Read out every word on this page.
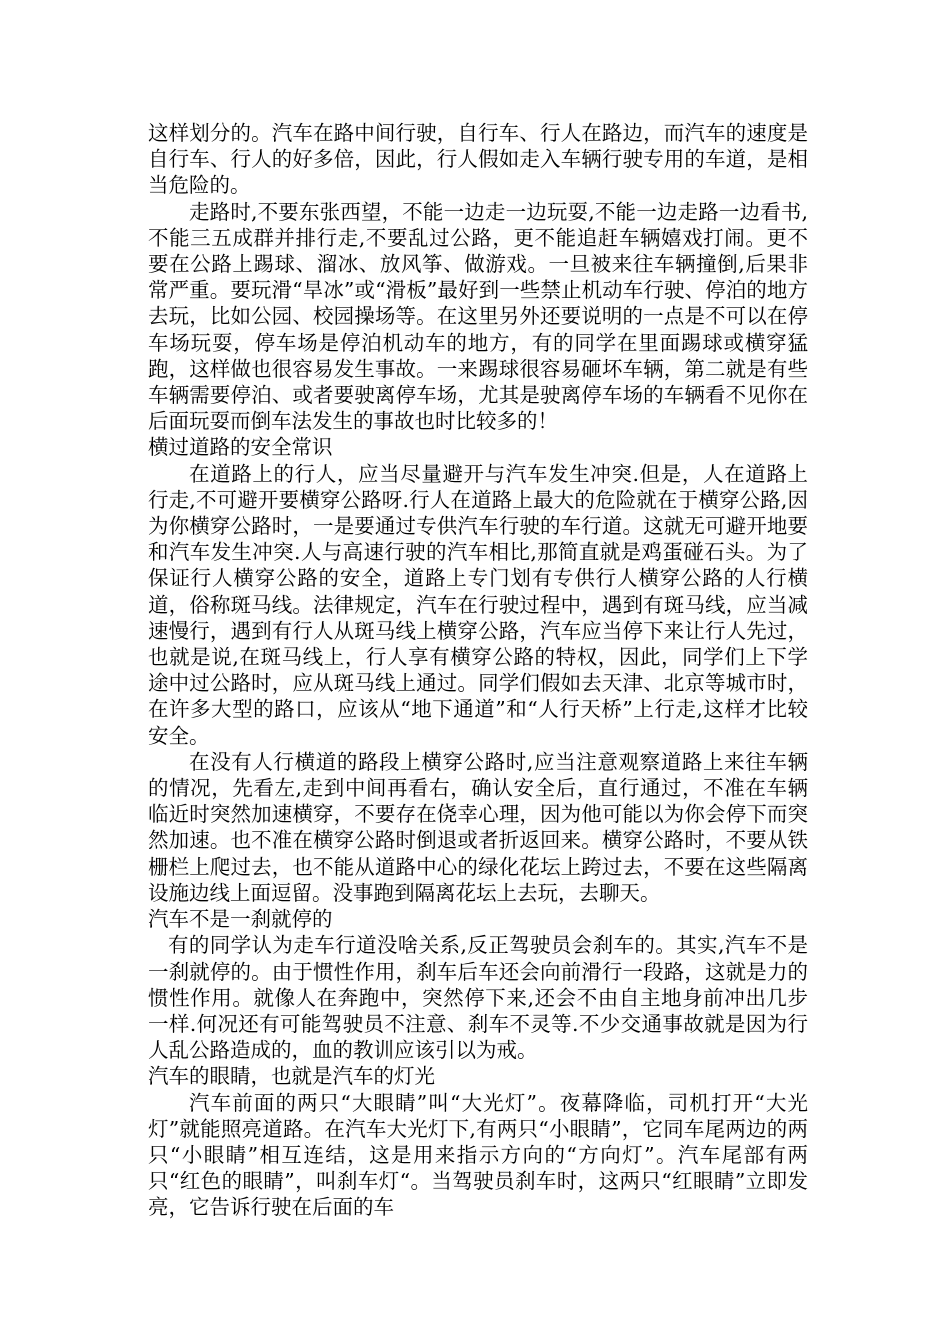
这样划分的。汽车在路中间行驶，自行车、行人在路边，而汽车的速度是自行车、行人的好多倍，因此，行人假如走入车辆行驶专用的车道，是相当危险的。

走路时,不要东张西望，不能一边走一边玩耍,不能一边走路一边看书,不能三五成群并排行走,不要乱过公路，更不能追赶车辆嬉戏打闹。更不要在公路上踢球、溜冰、放风筝、做游戏。一旦被来往车辆撞倒,后果非常严重。要玩滑“旱冰”或“滑板”最好到一些禁止机动车行驶、停泊的地方去玩，比如公园、校园操场等。在这里另外还要说明的一点是不可以在停车场玩耍，停车场是停泊机动车的地方，有的同学在里面踢球或横穿猛跑，这样做也很容易发生事故。一来踢球很容易砸坏车辆，第二就是有些车辆需要停泊、或者要驶离停车场，尤其是驶离停车场的车辆看不见你在后面玩耍而倒车法发生的事故也时比较多的！

横过道路的安全常识

在道路上的行人，应当尽量避开与汽车发生冲突.但是，人在道路上行走,不可避开要横穿公路呀.行人在道路上最大的危险就在于横穿公路,因为你横穿公路时，一是要通过专供汽车行驶的车行道。这就无可避开地要和汽车发生冲突.人与高速行驶的汽车相比,那简直就是鸡蛋碰石头。为了保证行人横穿公路的安全，道路上专门划有专供行人横穿公路的人行横道，俗称斑马线。法律规定，汽车在行驶过程中，遇到有斑马线，应当减速慢行，遇到有行人从斑马线上横穿公路，汽车应当停下来让行人先过，也就是说,在斑马线上，行人享有横穿公路的特权，因此，同学们上下学途中过公路时，应从斑马线上通过。同学们假如去天津、北京等城市时，在许多大型的路口，应该从“地下通道”和“人行天桥”上行走,这样才比较安全。

在没有人行横道的路段上横穿公路时,应当注意观察道路上来往车辆的情况，先看左,走到中间再看右，确认安全后，直行通过，不准在车辆临近时突然加速横穿，不要存在侥幸心理，因为他可能以为你会停下而突然加速。也不准在横穿公路时倒退或者折返回来。横穿公路时，不要从铁栅栏上爬过去，也不能从道路中心的绿化花坛上跨过去，不要在这些隔离设施边线上面逗留。没事跑到隔离花坛上去玩，去聊天。

汽车不是一刹就停的

有的同学认为走车行道没啥关系,反正驾驶员会刹车的。其实,汽车不是一刹就停的。由于惯性作用，刹车后车还会向前滑行一段路，这就是力的惯性作用。就像人在奔跑中，突然停下来,还会不由自主地身前冲出几步一样.何况还有可能驾驶员不注意、刹车不灵等.不少交通事故就是因为行人乱公路造成的，血的教训应该引以为戒。

汽车的眼睛，也就是汽车的灯光

汽车前面的两只“大眼睛”叫“大光灯”。夜幕降临，司机打开“大光灯”就能照亮道路。在汽车大光灯下,有两只“小眼睛”，它同车尾两边的两只“小眼睛”相互连结，这是用来指示方向的“方向灯”。汽车尾部有两只“红色的眼睛”，叫刹车灯“。当驾驶员刹车时，这两只“红眼睛”立即发亮，它告诉行驶在后面的车
